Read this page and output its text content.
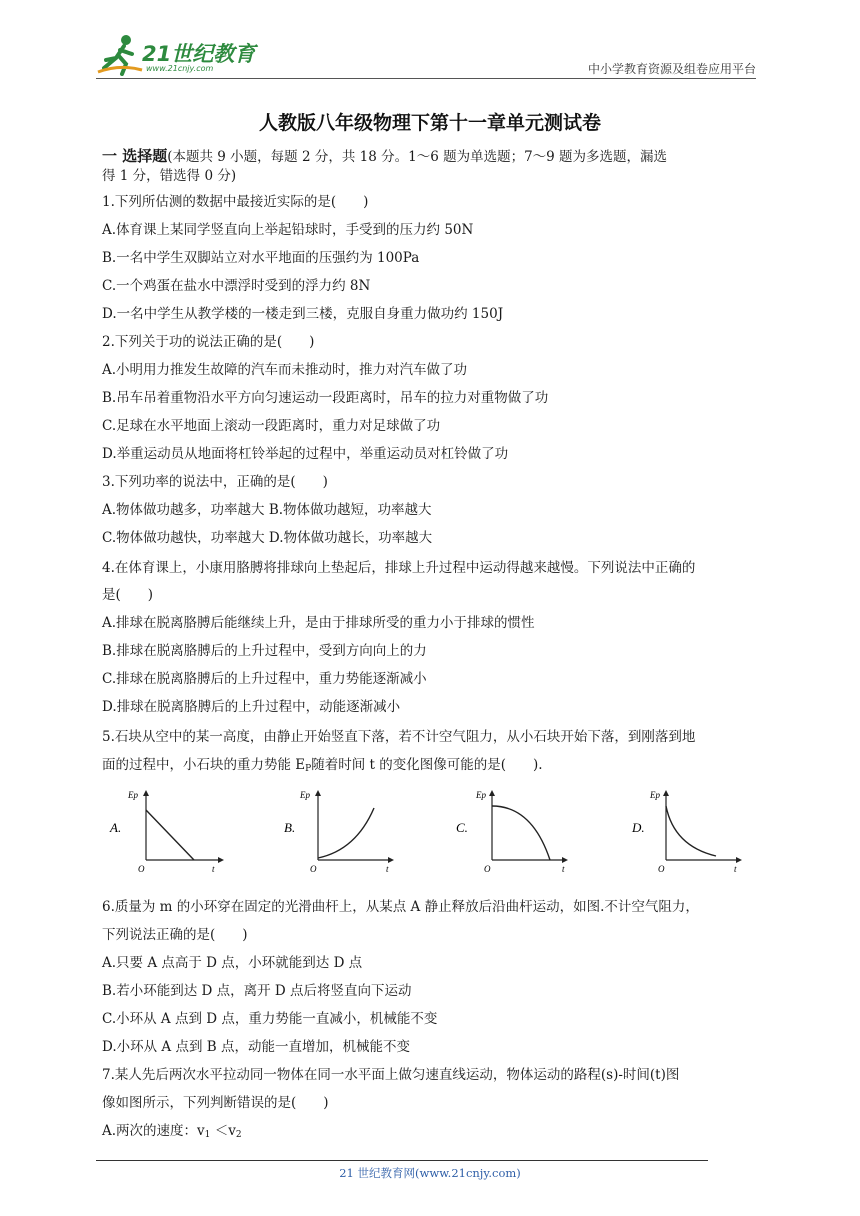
21世纪教育
www.21cnjy.com	中小学教育资源及组卷应用平台
人教版八年级物理下第十一章单元测试卷
一 选择题(本题共 9 小题，每题 2 分，共 18 分。1～6 题为单选题；7～9 题为多选题，漏选
得 1 分，错选得 0 分)
1.下列所估测的数据中最接近实际的是(　　)
A.体育课上某同学竖直向上举起铅球时，手受到的压力约 50N
B.一名中学生双脚站立对水平地面的压强约为 100Pa
C.一个鸡蛋在盐水中漂浮时受到的浮力约 8N
D.一名中学生从教学楼的一楼走到三楼，克服自身重力做功约 150J
2.下列关于功的说法正确的是(　　)
A.小明用力推发生故障的汽车而未推动时，推力对汽车做了功
B.吊车吊着重物沿水平方向匀速运动一段距离时，吊车的拉力对重物做了功
C.足球在水平地面上滚动一段距离时，重力对足球做了功
D.举重运动员从地面将杠铃举起的过程中，举重运动员对杠铃做了功
3.下列功率的说法中，正确的是(　　)
A.物体做功越多，功率越大 B.物体做功越短，功率越大
C.物体做功越快，功率越大 D.物体做功越长，功率越大
4.在体育课上，小康用胳膊将排球向上垫起后，排球上升过程中运动得越来越慢。下列说法中正确的
是(　　)
A.排球在脱离胳膊后能继续上升，是由于排球所受的重力小于排球的惯性
B.排球在脱离胳膊后的上升过程中，受到方向向上的力
C.排球在脱离胳膊后的上升过程中，重力势能逐渐减小
D.排球在脱离胳膊后的上升过程中，动能逐渐减小
5.石块从空中的某一高度，由静止开始竖直下落，若不计空气阻力，从小石块开始下落，到刚落到地
面的过程中，小石块的重力势能 $E_P$随着时间 t 的变化图像可能的是(　　).
A.
Ep
t
O
B.
Ep
t
O
C.
Ep
t
O
D.
Ep
t
O
6.质量为 m 的小环穿在固定的光滑曲杆上，从某点 A 静止释放后沿曲杆运动，如图.不计空气阻力，
下列说法正确的是(　　)
A.只要 A 点高于 D 点，小环就能到达 D 点
B.若小环能到达 D 点，离开 D 点后将竖直向下运动
C.小环从 A 点到 D 点，重力势能一直减小，机械能不变
D.小环从 A 点到 B 点，动能一直增加，机械能不变
7.某人先后两次水平拉动同一物体在同一水平面上做匀速直线运动，物体运动的路程(s)-时间(t)图
像如图所示，下列判断错误的是(　　)
A.两次的速度：$v_1 <v_2$
21 世纪教育网(www.21cnjy.com)
